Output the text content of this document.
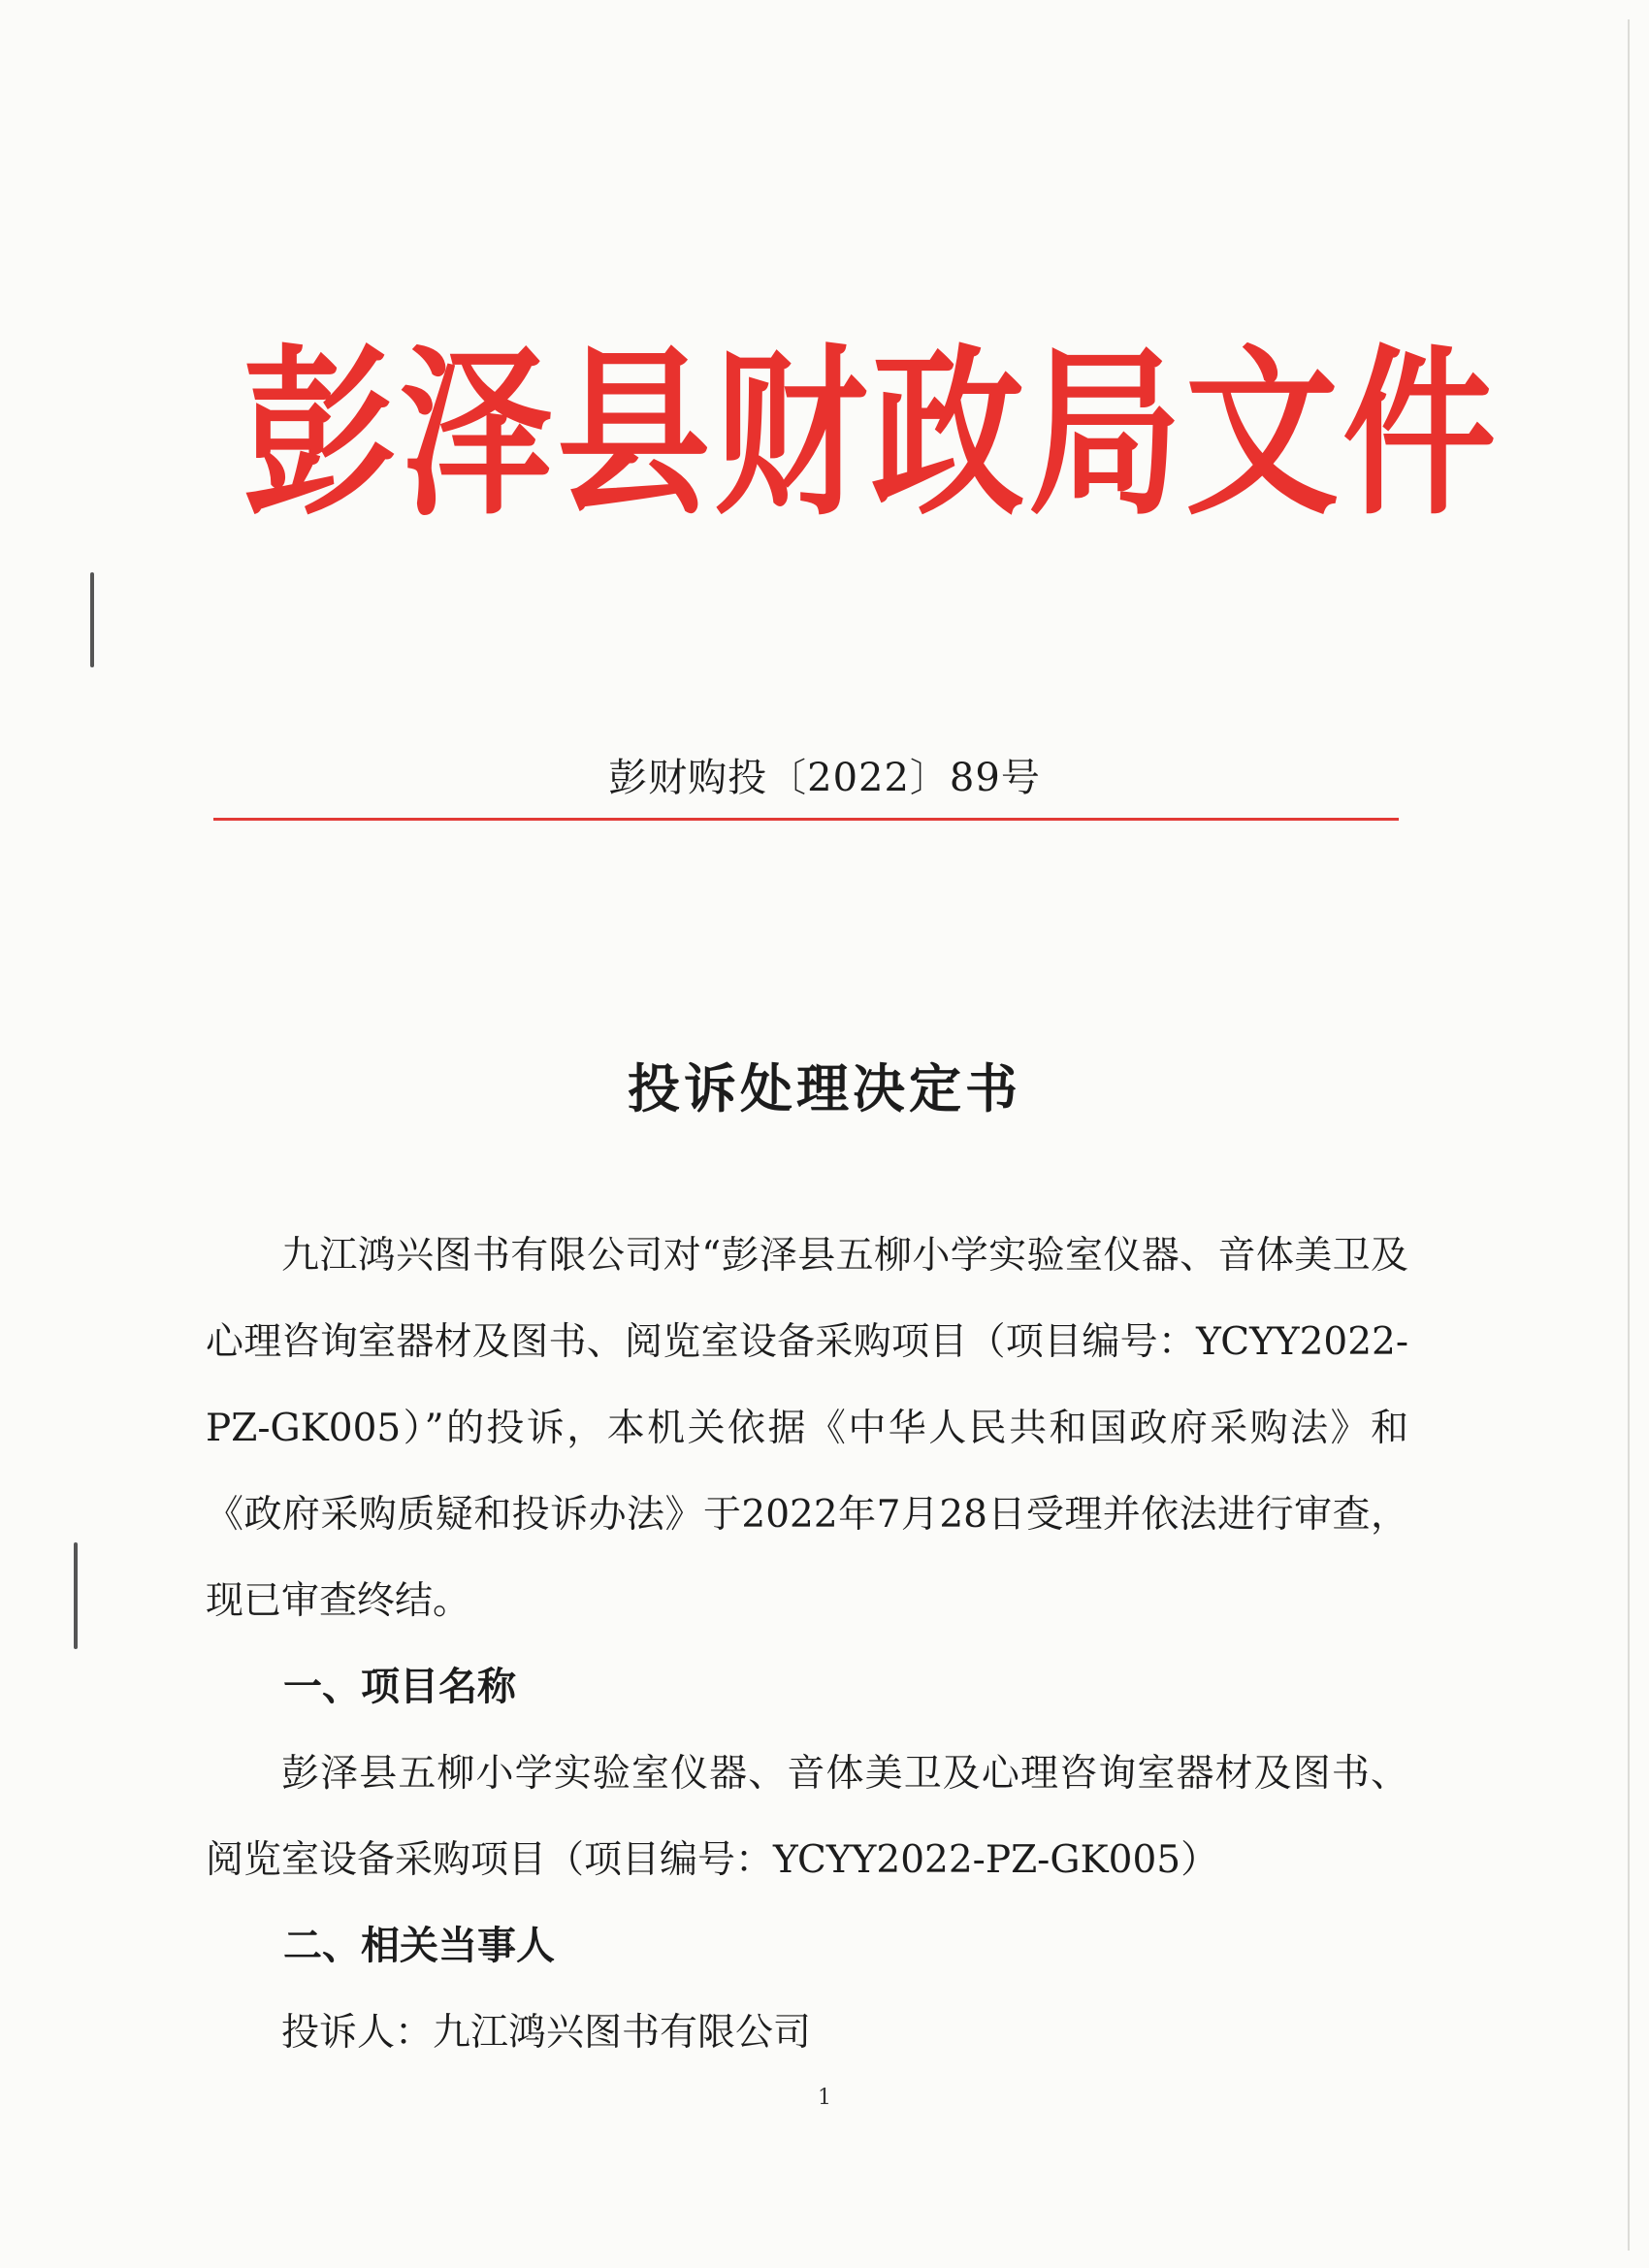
彭泽县财政局文件
彭财购投〔2022〕89号
投诉处理决定书

九江鸿兴图书有限公司对“彭泽县五柳小学实验室仪器、音体美卫及心理咨询室器材及图书、阅览室设备采购项目（项目编号：YCYY2022-PZ-GK005）”的投诉，本机关依据《中华人民共和国政府采购法》和《政府采购质疑和投诉办法》于2022年7月28日受理并依法进行审查，现已审查终结。

一、项目名称

彭泽县五柳小学实验室仪器、音体美卫及心理咨询室器材及图书、阅览室设备采购项目（项目编号：YCYY2022-PZ-GK005）

二、相关当事人

投诉人：九江鸿兴图书有限公司

1
